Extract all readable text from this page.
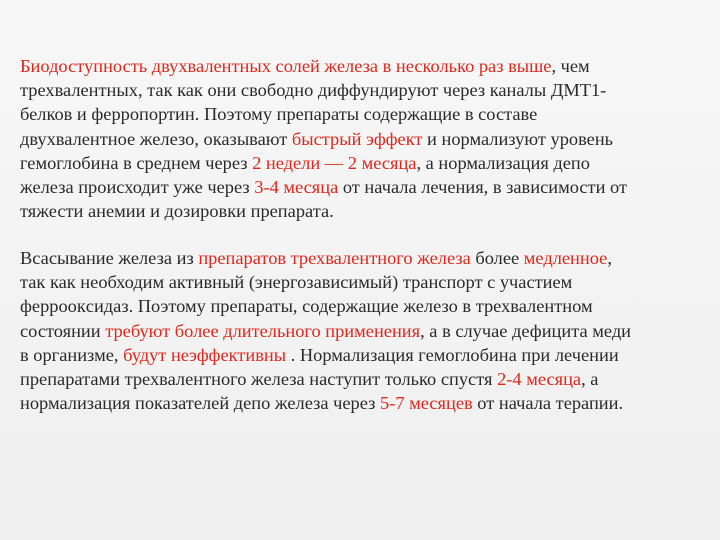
Биодоступность двухвалентных солей железа в несколько раз выше, чем
трехвалентных, так как они свободно диффундируют через каналы ДМТ1-
белков и ферропортин. Поэтому препараты содержащие в составе
двухвалентное железо, оказывают быстрый эффект и нормализуют уровень
гемоглобина в среднем через 2 недели — 2 месяца, а нормализация депо
железа происходит уже через 3-4 месяца от начала лечения, в зависимости от
тяжести анемии и дозировки препарата.

Всасывание железа из препаратов трехвалентного железа более медленное,
так как необходим активный (энергозависимый) транспорт с участием
ферроокcидаз. Поэтому препараты, содержащие железо в трехвалентном
состоянии требуют более длительного применения, а в случае дефицита меди
в организме, будут неэффективны . Нормализация гемоглобина при лечении
препаратами трехвалентного железа наступит только спустя 2-4 месяца, а
нормализация показателей депо железа через 5-7 месяцев от начала терапии.
